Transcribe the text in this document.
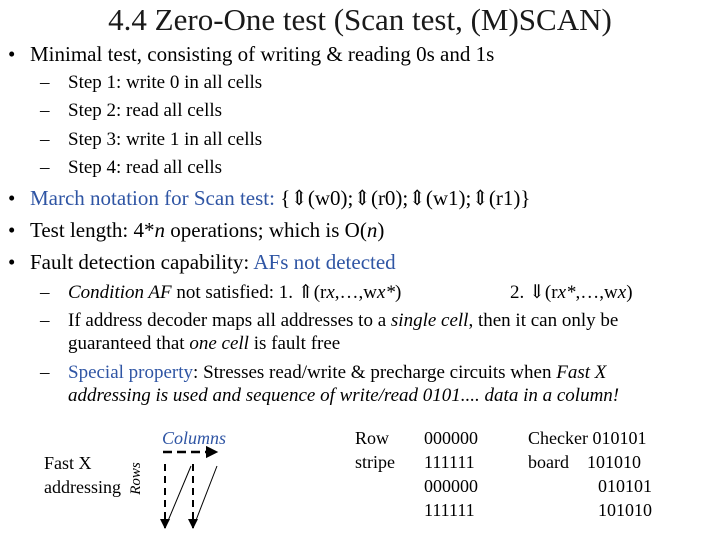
4.4 Zero-One test (Scan test, (M)SCAN)
• Minimal test, consisting of writing & reading 0s and 1s
– Step 1: write 0 in all cells
– Step 2: read all cells
– Step 3: write 1 in all cells
– Step 4: read all cells
• March notation for Scan test: {⇕(w0);⇕(r0);⇕(w1);⇕(r1)}
• Test length: 4*n operations; which is O(n)
• Fault detection capability: AFs not detected
– Condition AF not satisfied: 1. ⇑(rx,…,wx*)	2. ⇓(rx*,…,wx)
– If address decoder maps all addresses to a single cell, then it can only be
guaranteed that one cell is fault free
– Special property: Stresses read/write & precharge circuits when Fast X
addressing is used and sequence of write/read 0101.... data in a column!
Fast X
addressing
Columns
Rows
Row
stripe
000000
111111
000000
111111
Checker 010101
board    101010
010101
101010
